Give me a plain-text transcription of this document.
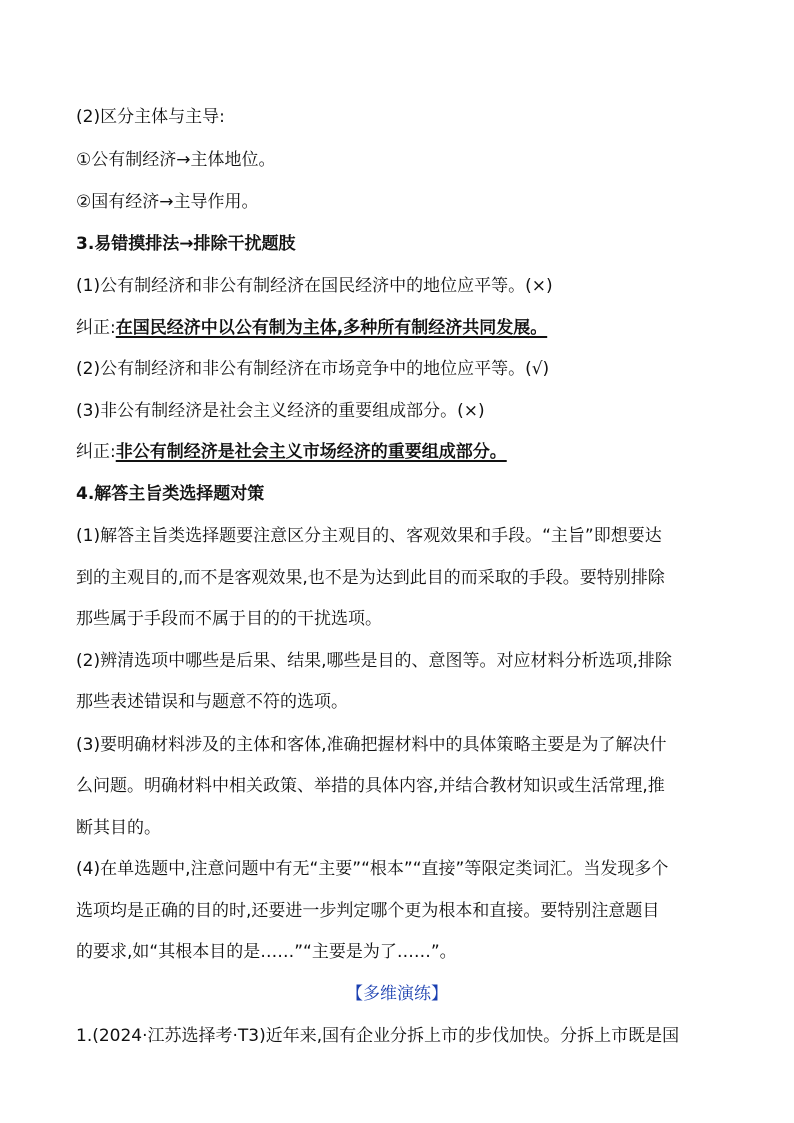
(2)区分主体与主导:
①公有制经济→主体地位。
②国有经济→主导作用。
3.易错摸排法→排除干扰题肢
(1)公有制经济和非公有制经济在国民经济中的地位应平等。(×)
纠正:在国民经济中以公有制为主体,多种所有制经济共同发展。
(2)公有制经济和非公有制经济在市场竞争中的地位应平等。(√)
(3)非公有制经济是社会主义经济的重要组成部分。(×)
纠正:非公有制经济是社会主义市场经济的重要组成部分。
4.解答主旨类选择题对策
(1)解答主旨类选择题要注意区分主观目的、客观效果和手段。“主旨”即想要达
到的主观目的,而不是客观效果,也不是为达到此目的而采取的手段。要特别排除
那些属于手段而不属于目的的干扰选项。
(2)辨清选项中哪些是后果、结果,哪些是目的、意图等。对应材料分析选项,排除
那些表述错误和与题意不符的选项。
(3)要明确材料涉及的主体和客体,准确把握材料中的具体策略主要是为了解决什
么问题。明确材料中相关政策、举措的具体内容,并结合教材知识或生活常理,推
断其目的。
(4)在单选题中,注意问题中有无“主要”“根本”“直接”等限定类词汇。当发现多个
选项均是正确的目的时,还要进一步判定哪个更为根本和直接。要特别注意题目
的要求,如“其根本目的是……”“主要是为了……”。
【多维演练】
1.(2024·江苏选择考·T3)近年来,国有企业分拆上市的步伐加快。分拆上市既是国
